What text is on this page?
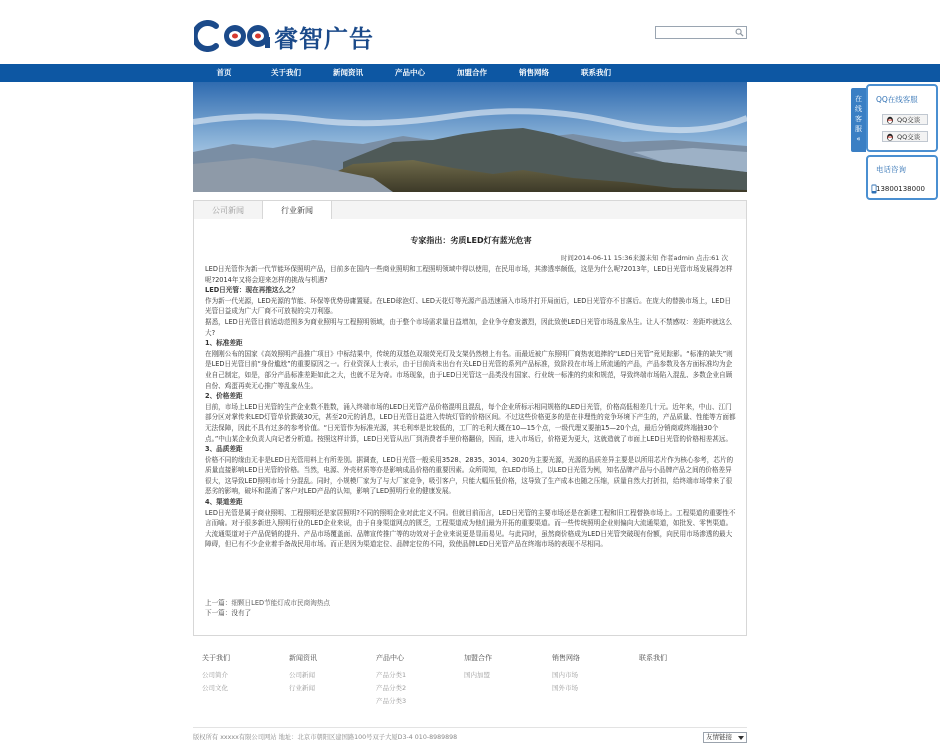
睿智广告
首页	关于我们	新闻资讯	产品中心	加盟合作	销售网络	联系我们
公司新闻	行业新闻
专家指出：劣质LED灯有蓝光危害
时间2014-06-11 15:36来源未知 作者admin 点击:61 次

LED日光管作为新一代节能环保照明产品，目前多在国内一些商业照明和工程照明领域中得以使用，在民用市场，其渗透率颇低，这是为什么呢?2013年，LED日光管市场发展得怎样呢?2014年又将会迎来怎样的挑战与机遇?

LED日光管：现在再推这么之？

作为新一代光源，LED光源的节能、环保等优势毋庸置疑。在LED球泡灯、LED天花灯等光源产品迅速涌入市场并打开局面后，LED日光管亦不甘落后。在庞大的替换市场上，LED日光管日益成为广大厂商不可放视的尖刀利器。

据悉，LED日光管目前适动范围多为商业照明与工程照明领域，由于整个市场需求量日益增加，企业争夺愈发激烈，因此致使LED日光管市场乱象丛生。让人不禁感叹：差距咋就这么大?

1、标准差距

在刚刚公布的国家《高效照明产品推广项目》中标结果中，传统的双基色双端荧光灯及支架仍然榜上有名。而最近被广东照明厂商热衷追捧的“LED日光管”竟见踪影。“标准的缺失”则是LED日光管目前“身份尴尬”的重要原因之一。行业资深人士表示，由于目前尚未出台有关LED日光管的系列产品标准，致阶段在市场上所流通的产品，产品参数及各方面标准均为企业自己制定，如是，部分产品标准差距如此之大，也就不足为奇。市场现象，由于LED日光管这一品类没有国家、行业统一标准的约束和规范，导致终端市场陷入混乱、多数企业自顾自份、鸡蛋再卖无心推广等乱象丛生。

2、价格差距

目前，市场上LED日光管的生产企业数不胜数，涌入终端市场的LED日光管产品价格混明且混乱，每个企业所标示相同规格的LED日光管，价格高低相差几十元。近年来，中山、江门部分区对掌传来LED灯管单价跌破30元，甚至20元的消息，LED日光管日益进入传统灯管的价格区间。不过这些价格更多的是在非理性的竞争环境下产生的，产品质量、性能等方面都无法保障，因此不具有过多的参考价值。“日光管作为标准光源，其毛利率是比较低的，工厂的毛利大概在10—15个点，一级代理又要抽15—20个点，最后分销商或终端抽30个点。”中山某企业负责人向记者分析道。按照这样计算，LED日光管从出厂到消费者手里价格翻倍，因而，进入市场后，价格更为更大，这就造就了市面上LED日光管的价格相差甚远。

3、品质差距

价格不同的缘由无非是LED日光管用料上有所差别。据调查，LED日光管一般采用3528、2835、3014、3020为主要光源，光源的品质差异主要是以所用芯片作为核心参考，芯片的质量直接影响LED日光管的价格。当然，电源、外壳材质等亦是影响成品价格的重要因素。众所周知，在LED市场上，以LED日光管为例，知名品牌产品与小品牌产品之间的价格差异很大，这导致LED照明市场十分混乱。同时，小规模厂家为了与大厂家竞争，吸引客户，只能大幅压低价格，这导致了生产成本也随之压缩，质量自然大打折扣，给终端市场带来了很恶劣的影响，破坏和混淆了客户对LED产品的认知，影响了LED照明行业的健康发展。

4、渠道差距

LED日光管是属于商业照明、工程照明还是家居照明?不同的照明企业对此定义不同。但就目前而言，LED日光管的主要市场还是在新建工程和旧工程替换市场上。工程渠道的重要性不言而喻。对于很多新进入照明行业的LED企业来说，由于自身渠道网点的匮乏，工程渠道成为他们最为开拓的重要渠道。而一些传统照明企业则偏向大流通渠道，如批发、零售渠道。大流通渠道对于产品促销的提升、产品市场覆盖面、品牌宣传推广等的功效对于企业来说更是显而易见。与此同时，虽然商价格成为LED日光管突破现有份额，向民用市场渗透的最大障碍，但已有不少企业着手备战民用市场。而正是因为渠道定位、品牌定位的不同，致使品牌LED日光管产品在终端市场的表现不尽相同。

上一篇：细颗日LED节能灯成市民商淘热点
下一篇：没有了
关于我们
公司简介
公司文化
新闻资讯
公司新闻
行业新闻
产品中心
产品分类1
产品分类2
产品分类3
加盟合作
国内加盟
销售网络
国内市场
国外市场
联系我们
版权所有 xxxxx有限公司网站 地址：北京市朝阳区建国路100号双子大厦D3-4 010-8989898	友情链接
在
线
客
服
«
QQ在线客服
QQ交谈
QQ交谈
电话咨询
13800138000
